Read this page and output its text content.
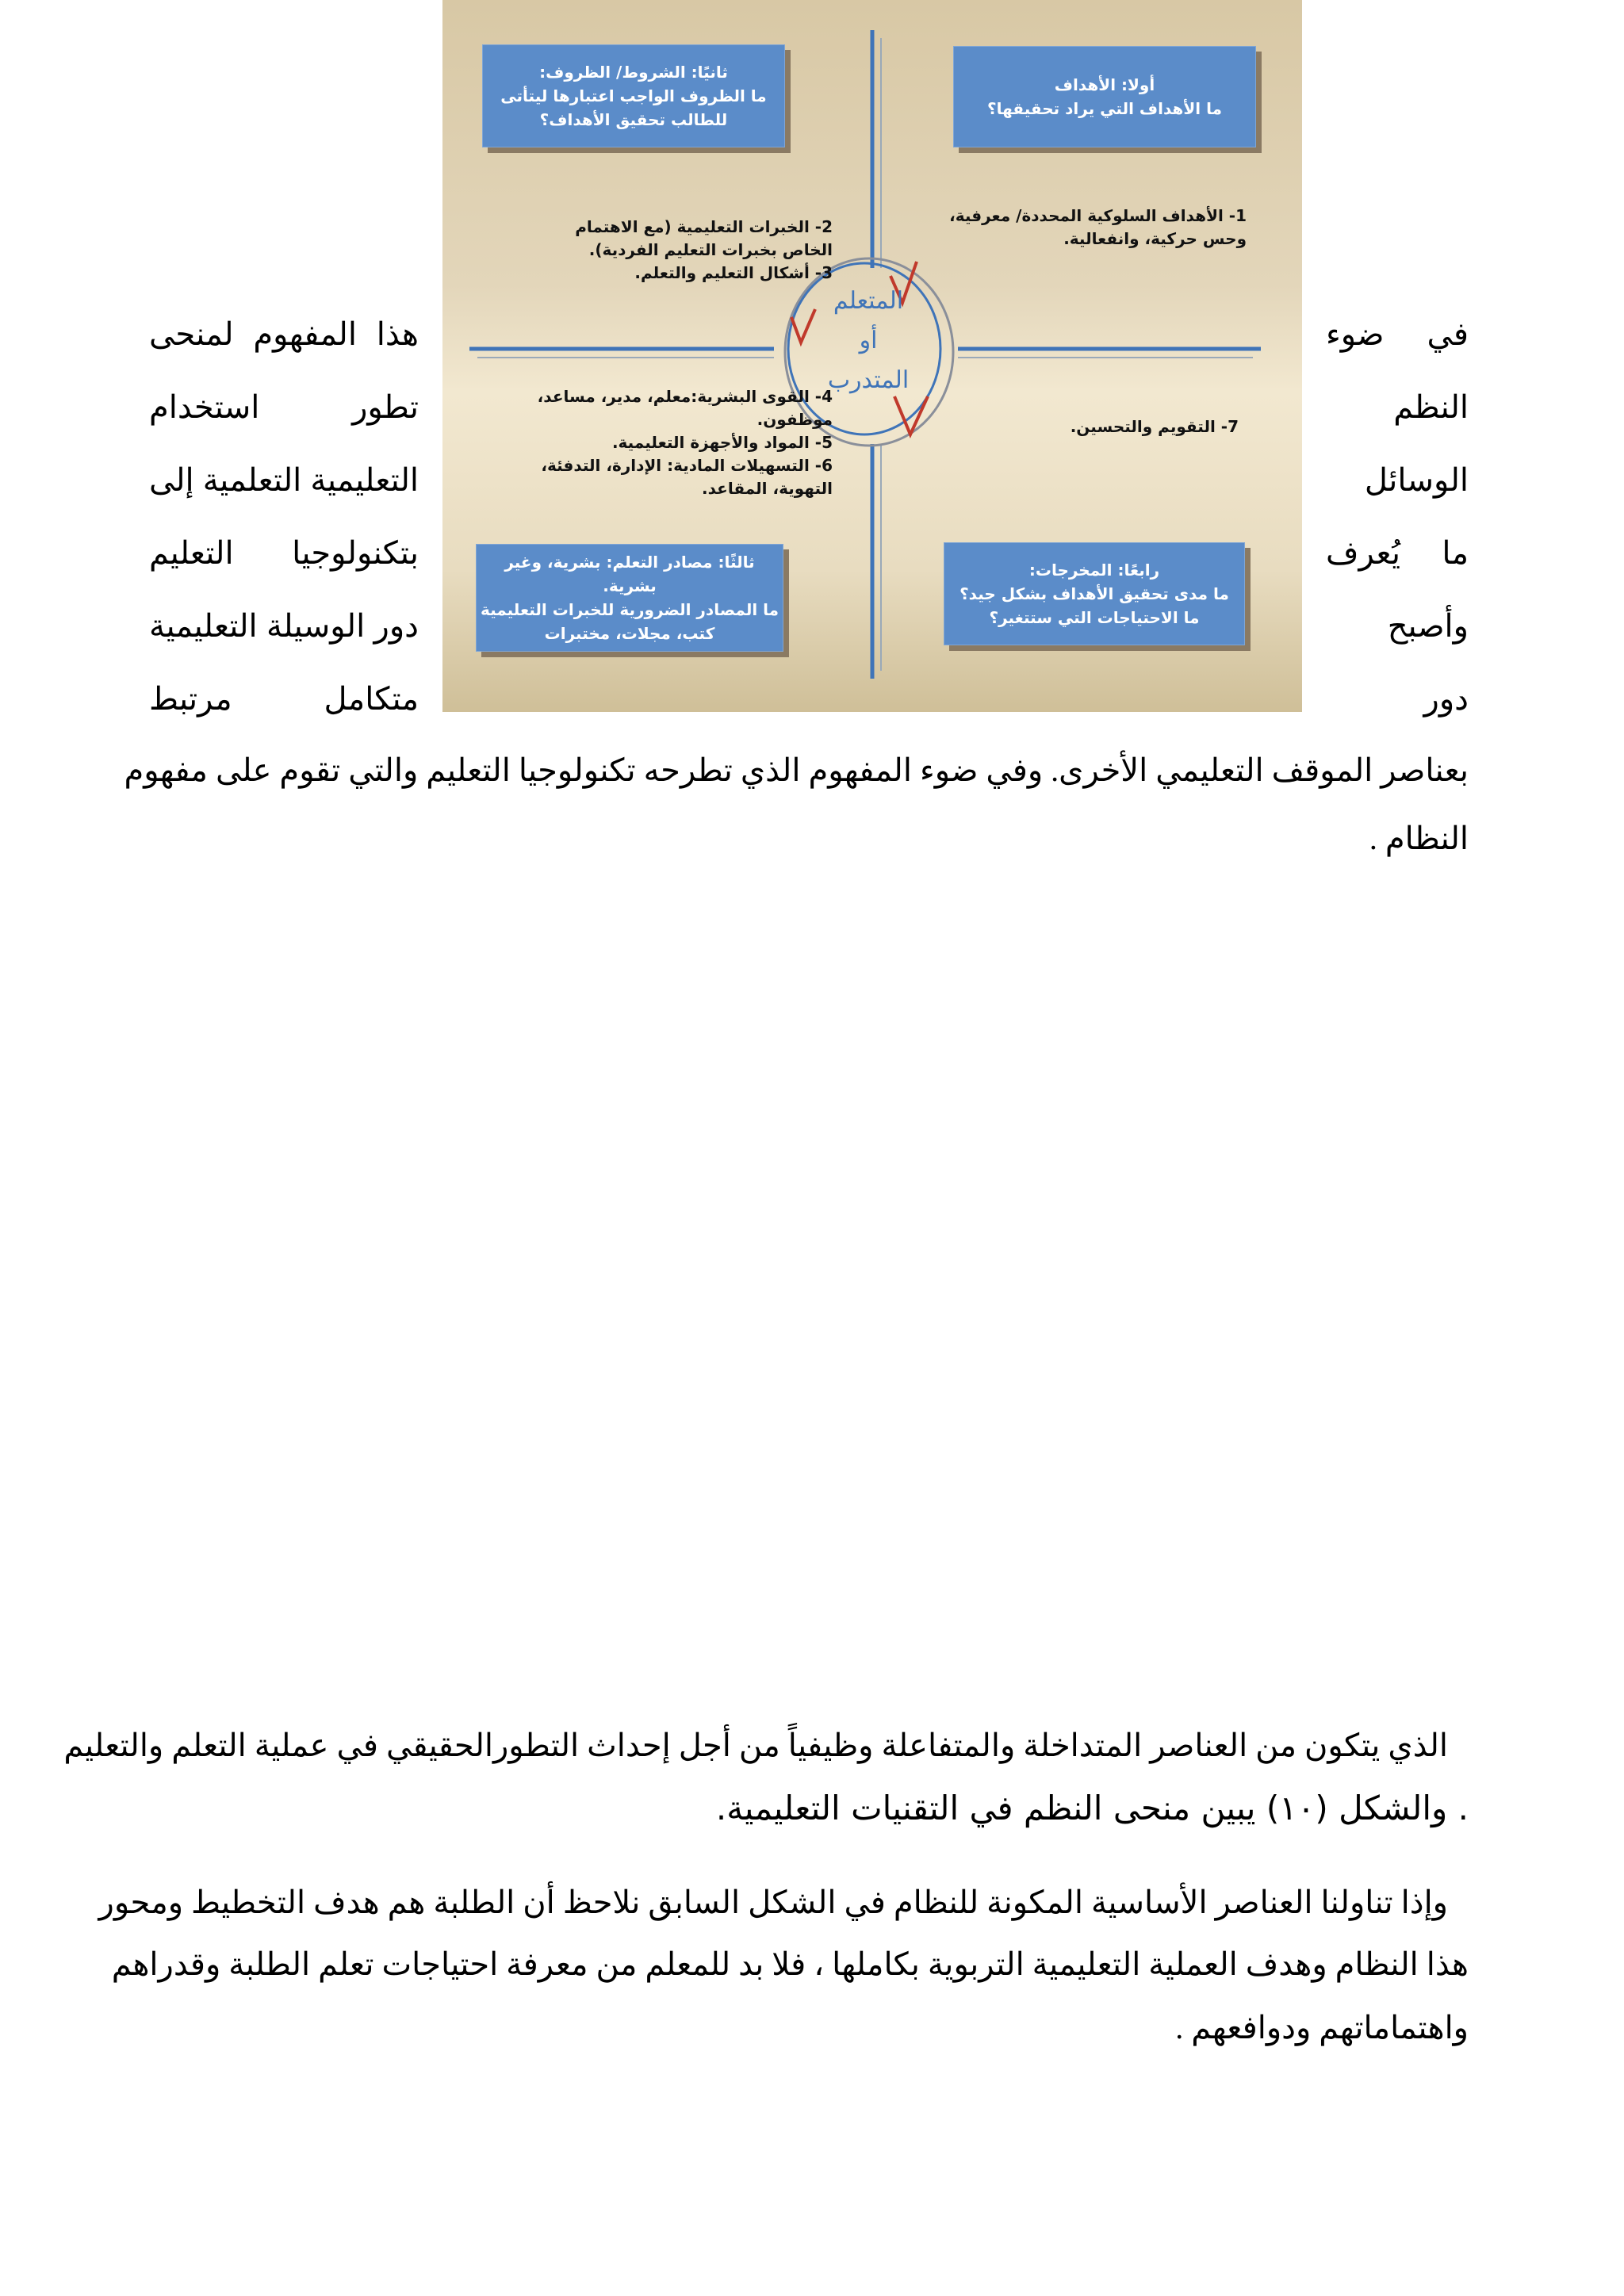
المتعلم
أو
المتدرب
ثانيًا: الشروط/ الظروف:
ما الظروف الواجب اعتبارها ليتأتى
للطالب تحقيق الأهداف؟
أولا: الأهداف
ما الأهداف التي يراد تحقيقها؟
1- الأهداف السلوكية المحددة/ معرفية،
وحس حركية، وانفعالية.
2- الخبرات التعليمية (مع الاهتمام
الخاص بخبرات التعليم الفردية).
3- أشكال التعليم والتعلم.
4- القوى البشرية:معلم، مدير، مساعد،
موظفون.
5- المواد والأجهزة التعليمية.
6- التسهيلات المادية: الإدارة، التدفئة،
التهوية، المقاعد.
7- التقويم والتحسين.
ثالثًا: مصادر التعلم: بشرية، وغير بشرية.
ما المصادر الضرورية للخبرات التعليمية
كتب، مجلات، مختبرات
رابعًا: المخرجات:
ما مدى تحقيق الأهداف بشكل جيد؟
ما الاحتياجات التي ستتغير؟
في ضوء
النظم
الوسائل
ما يُعرف
وأصبح
دور
هذا المفهوم لمنحى
تطور استخدام
التعليمية التعلمية إلى
بتكنولوجيا التعليم
دور الوسيلة التعليمية
متكامل مرتبط
بعناصر الموقف التعليمي الأخرى. وفي ضوء المفهوم الذي تطرحه تكنولوجيا التعليم والتي تقوم على مفهوم
النظام .
الذي يتكون من العناصر المتداخلة والمتفاعلة وظيفياً من أجل إحداث التطورالحقيقي في عملية التعلم والتعليم
. والشكل (١٠) يبين منحى النظم في التقنيات التعليمية.
وإذا تناولنا العناصر الأساسية المكونة للنظام في الشكل السابق نلاحظ أن الطلبة هم هدف التخطيط ومحور
هذا النظام وهدف العملية التعليمية التربوية بكاملها ، فلا بد للمعلم من معرفة احتياجات تعلم الطلبة وقدراهم
واهتماماتهم ودوافعهم .
